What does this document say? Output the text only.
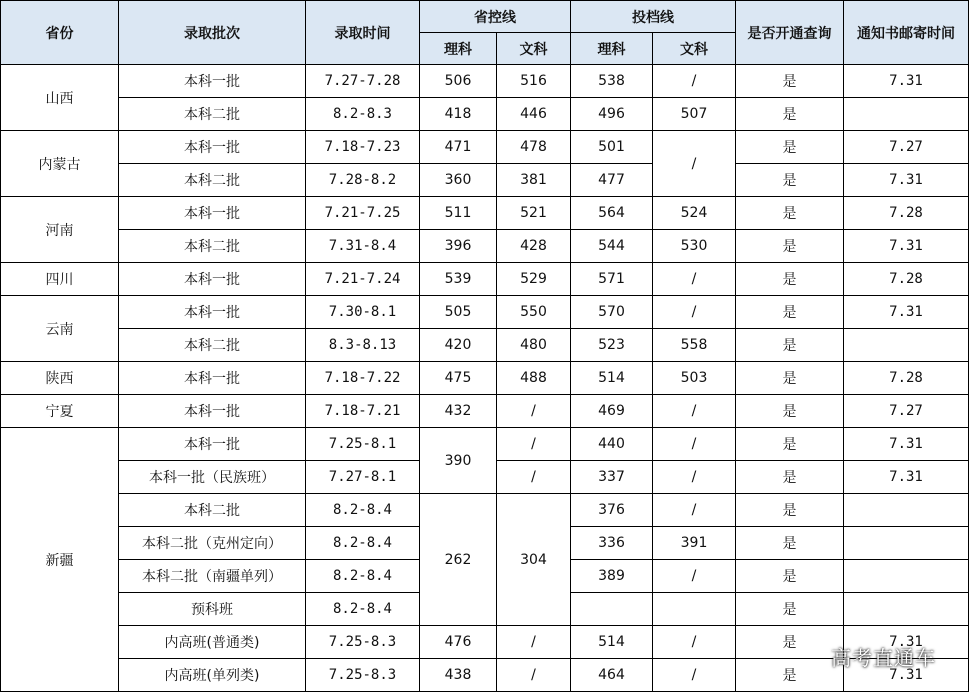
省份	录取批次	录取时间	省控线		投档线		是否开通查询	通知书邮寄时间
			理科	文科	理科	文科		
山西	本科一批	7.27-7.28	506	516	538	/	是	7.31
	本科二批	8.2-8.3	418	446	496	507	是	
内蒙古	本科一批	7.18-7.23	471	478	501	/	是	7.27
	本科二批	7.28-8.2	360	381	477		是	7.31
河南	本科一批	7.21-7.25	511	521	564	524	是	7.28
	本科二批	7.31-8.4	396	428	544	530	是	7.31
四川	本科一批	7.21-7.24	539	529	571	/	是	7.28
云南	本科一批	7.30-8.1	505	550	570	/	是	7.31
	本科二批	8.3-8.13	420	480	523	558	是	
陕西	本科一批	7.18-7.22	475	488	514	503	是	7.28
宁夏	本科一批	7.18-7.21	432	/	469	/	是	7.27
新疆	本科一批	7.25-8.1	390	/	440	/	是	7.31
	本科一批（民族班）	7.27-8.1		/	337	/	是	7.31
	本科二批	8.2-8.4	262	304	376	/	是	
	本科二批（克州定向）	8.2-8.4			336	391	是	
	本科二批（南疆单列）	8.2-8.4			389	/	是	
	预科班	8.2-8.4					是	
	内高班(普通类)	7.25-8.3	476	/	514	/	是	7.31
	内高班(单列类)	7.25-8.3	438	/	464	/	是	7.31
高考直通车
